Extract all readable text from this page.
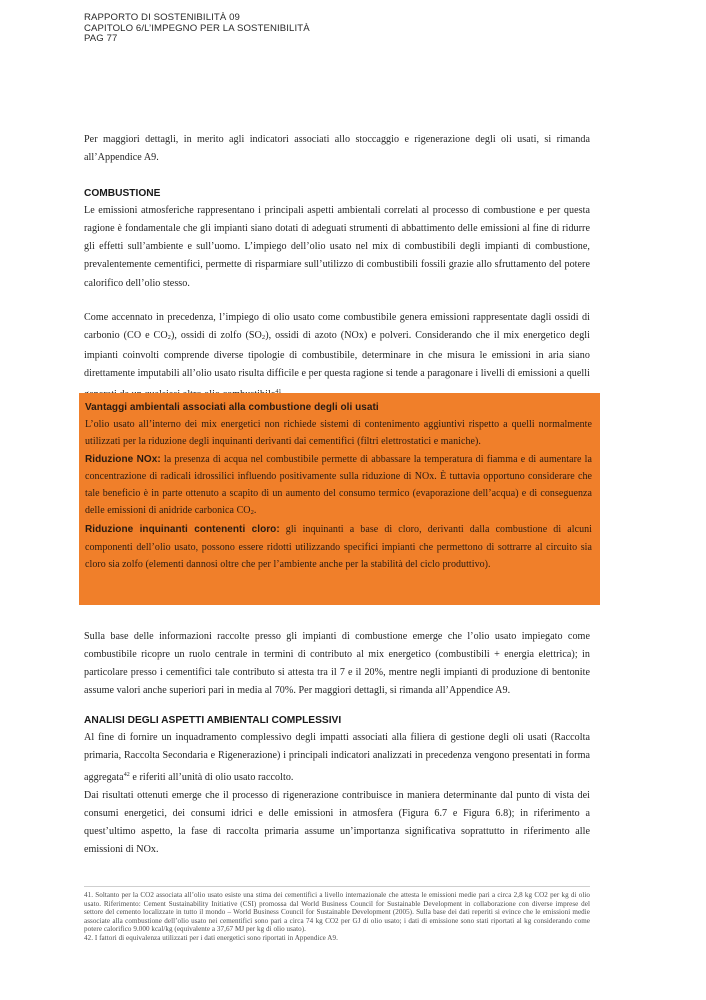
RAPPORTO DI SOSTENIBILITÀ 09
CAPITOLO 6/L’IMPEGNO PER LA SOSTENIBILITÀ
PAG 77

Per maggiori dettagli, in merito agli indicatori associati allo stoccaggio e rigenerazione degli oli usati, si rimanda all’Appendice A9.

COMBUSTIONE

Le emissioni atmosferiche rappresentano i principali aspetti ambientali correlati al processo di combustione e per questa ragione è fondamentale che gli impianti siano dotati di adeguati strumenti di abbattimento delle emissioni al fine di ridurre gli effetti sull’ambiente e sull’uomo. L’impiego dell’olio usato nel mix di combustibili degli impianti di combustione, prevalentemente cementifici, permette di risparmiare sull’utilizzo di combustibili fossili grazie allo sfruttamento del potere calorifico dell’olio stesso.

Come accennato in precedenza, l’impiego di olio usato come combustibile genera emissioni rappresentate dagli ossidi di carbonio (CO e CO2), ossidi di zolfo (SO2), ossidi di azoto (NOx) e polveri. Considerando che il mix energetico degli impianti coinvolti comprende diverse tipologie di combustibile, determinare in che misura le emissioni in aria siano direttamente imputabili all’olio usato risulta difficile e per questa ragione si tende a paragonare i livelli di emissioni a quelli

Vantaggi ambientali associati alla combustione degli oli usati

L’olio usato all’interno dei mix energetici non richiede sistemi di contenimento aggiuntivi rispetto a quelli normalmente utilizzati per la riduzione degli inquinanti derivanti dai cementifici (filtri elettrostatici e maniche).

Riduzione NOx: la presenza di acqua nel combustibile permette di abbassare la temperatura di fiamma e di aumentare la concentrazione di radicali idrossilici influendo positivamente sulla riduzione di NOx. È tuttavia opportuno considerare che tale beneficio è in parte ottenuto a scapito di un aumento del consumo termico (evaporazione dell’acqua) e di conseguenza delle emissioni di anidride carbonica CO2.

Riduzione inquinanti contenenti cloro: gli inquinanti a base di cloro, derivanti dalla combustione di alcuni componenti dell’olio usato, possono essere ridotti utilizzando specifici impianti che permettono di sottrarre al circuito sia cloro sia zolfo (elementi dannosi oltre che per l’ambiente anche per la stabilità del ciclo produttivo).

Sulla base delle informazioni raccolte presso gli impianti di combustione emerge che l’olio usato impiegato come combustibile ricopre un ruolo centrale in termini di contributo al mix energetico (combustibili + energia elettrica); in particolare presso i cementifici tale contributo si attesta tra il 7 e il 20%, mentre negli impianti di produzione di bentonite assume valori anche superiori pari in media al 70%. Per maggiori dettagli, si rimanda all’Appendice A9.

ANALISI DEGLI ASPETTI AMBIENTALI COMPLESSIVI

Al fine di fornire un inquadramento complessivo degli impatti associati alla filiera di gestione degli oli usati (Raccolta primaria, Raccolta Secondaria e Rigenerazione) i principali indicatori analizzati in precedenza vengono presentati in forma aggregata$^{42}$ e riferiti all’unità di olio usato raccolto.

Dai risultati ottenuti emerge che il processo di rigenerazione contribuisce in maniera determinante dal punto di vista dei consumi energetici, dei consumi idrici e delle emissioni in atmosfera (Figura 6.7 e Figura 6.8); in riferimento a quest’ultimo aspetto, la fase di raccolta primaria assume un’importanza significativa soprattutto in riferimento alle emissioni di NOx.

41. Soltanto per la CO2 associata all’olio usato esiste una stima dei cementifici a livello internazionale che attesta le emissioni medie pari a circa 2,8 kg CO2 per kg di olio usato. Riferimento: Cement Sustainability Initiative (CSI) promossa dal World Business Council for Sustainable Development in collaborazione con diverse imprese del settore del cemento localizzate in tutto il mondo – World Business Council for Sustainable Development (2005). Sulla base dei dati reperiti si evince che le emissioni medie associate alla combustione dell’olio usato nei cementifici sono pari a circa 74 kg CO2 per GJ di olio usato; i dati di emissione sono stati riportati al kg considerando come potere calorifico 9.000 kcal/kg (equivalente a 37,67 MJ per kg di olio usato).

42. I fattori di equivalenza utilizzati per i dati energetici sono riportati in Appendice A9.
